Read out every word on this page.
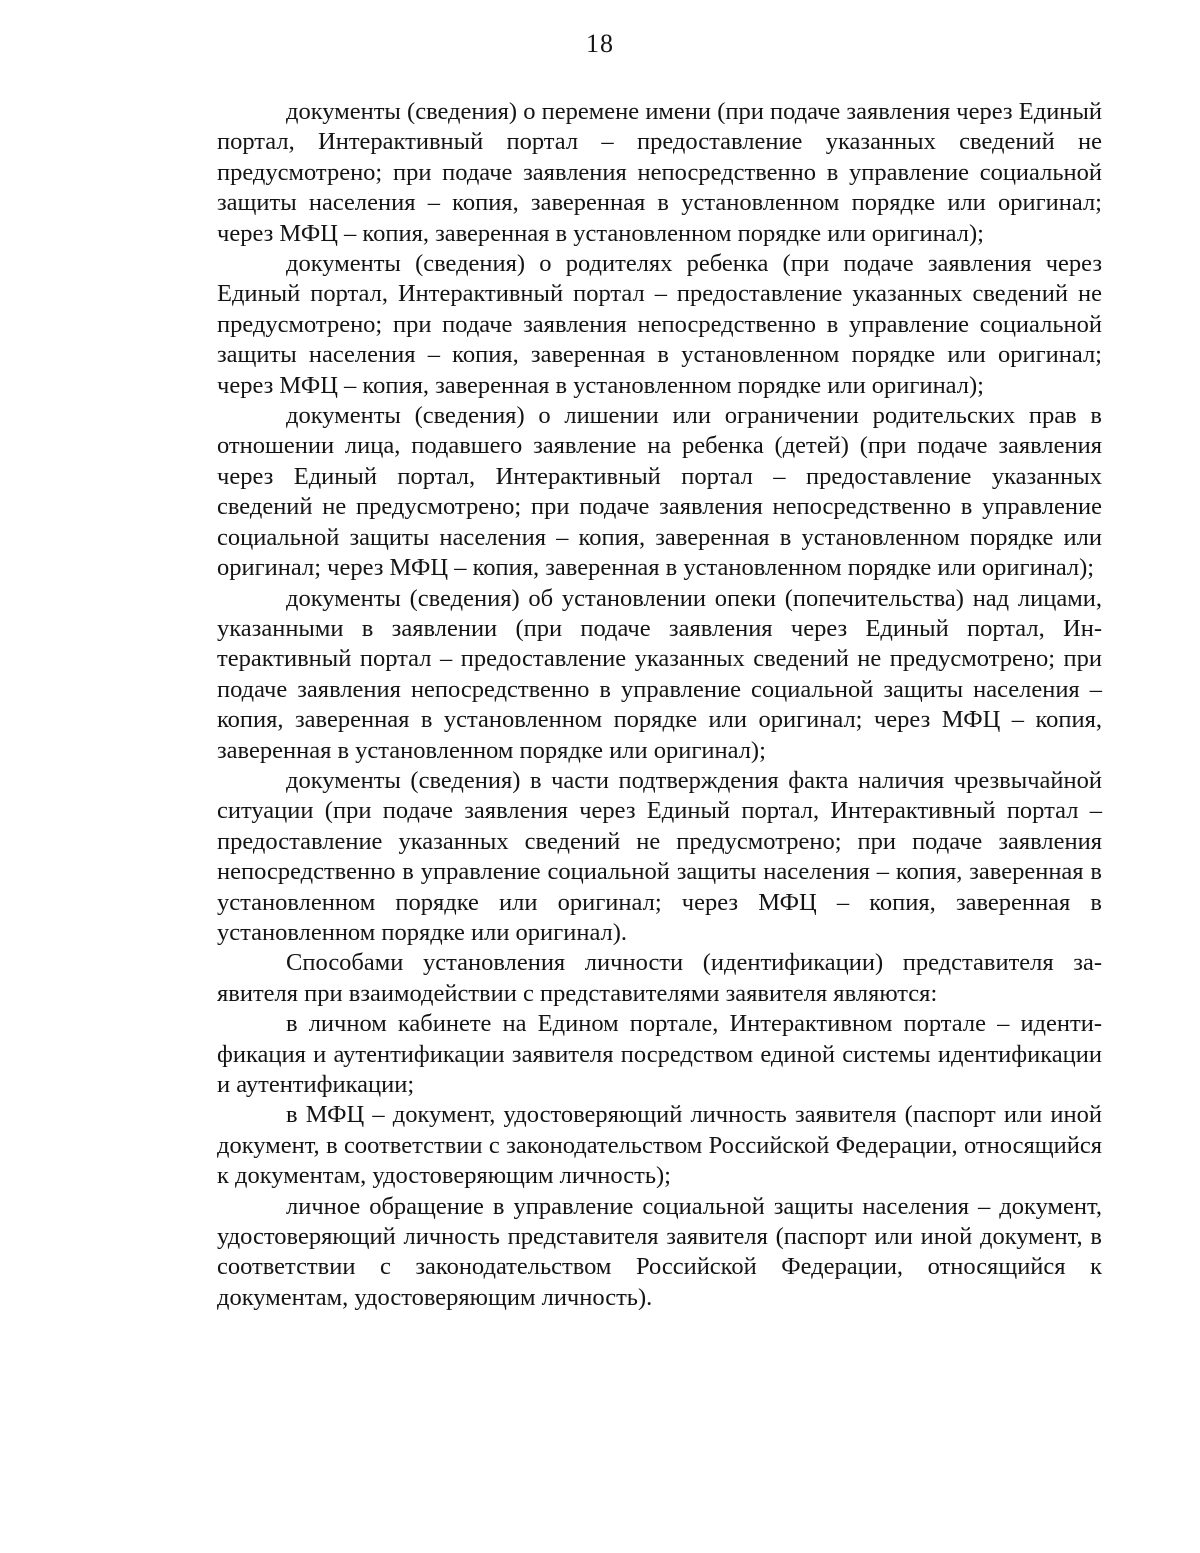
18

документы (сведения) о перемене имени (при подаче заявления через Единый портал, Интерактивный портал – предоставление указанных сведений не предусмотрено; при подаче заявления непосредственно в управление социальной защиты населения – копия, заверенная в установленном порядке или оригинал; через МФЦ – копия, заверенная в установленном порядке или оригинал);

документы (сведения) о родителях ребенка (при подаче заявления через Единый портал, Интерактивный портал – предоставление указанных сведений не предусмотрено; при подаче заявления непосредственно в управление социальной защиты населения – копия, заверенная в установленном порядке или оригинал; через МФЦ – копия, заверенная в установленном порядке или оригинал);

документы (сведения) о лишении или ограничении родительских прав в отношении лица, подавшего заявление на ребенка (детей) (при подаче заявления через Единый портал, Интерактивный портал – предоставление указанных сведений не предусмотрено; при подаче заявления непосредственно в управление социальной защиты населения – копия, заверенная в установленном порядке или оригинал; через МФЦ – копия, заверенная в установленном порядке или оригинал);

документы (сведения) об установлении опеки (попечительства) над лицами, указанными в заявлении (при подаче заявления через Единый портал, Интерактивный портал – предоставление указанных сведений не предусмотрено; при подаче заявления непосредственно в управление социальной защиты населения – копия, заверенная в установленном порядке или оригинал; через МФЦ – копия, заверенная в установленном порядке или оригинал);

документы (сведения) в части подтверждения факта наличия чрезвычайной ситуации (при подаче заявления через Единый портал, Интерактивный портал – предоставление указанных сведений не предусмотрено; при подаче заявления непосредственно в управление социальной защиты населения – копия, заверенная в установленном порядке или оригинал; через МФЦ – копия, заверенная в установленном порядке или оригинал).

Способами установления личности (идентификации) представителя заявителя при взаимодействии с представителями заявителя являются:

в личном кабинете на Едином портале, Интерактивном портале – идентификация и аутентификации заявителя посредством единой системы идентификации и аутентификации;

в МФЦ – документ, удостоверяющий личность заявителя (паспорт или иной документ, в соответствии с законодательством Российской Федерации, относящийся к документам, удостоверяющим личность);

личное обращение в управление социальной защиты населения – документ, удостоверяющий личность представителя заявителя (паспорт или иной документ, в соответствии с законодательством Российской Федерации, относящийся к документам, удостоверяющим личность).
